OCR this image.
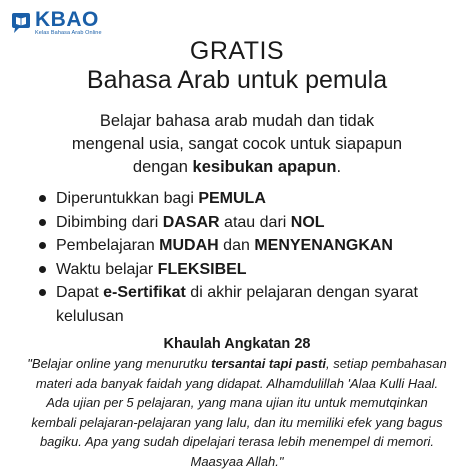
KBAO
Kelas Bahasa Arab Online
GRATIS
Bahasa Arab untuk pemula
Belajar bahasa arab mudah dan tidak
mengenal usia, sangat cocok untuk siapapun
dengan kesibukan apapun.
Diperuntukkan bagi PEMULA
Dibimbing dari DASAR atau dari NOL
Pembelajaran MUDAH dan MENYENANGKAN
Waktu belajar FLEKSIBEL
Dapat e-Sertifikat di akhir pelajaran dengan syarat kelulusan
Khaulah Angkatan 28
"Belajar online yang menurutku tersantai tapi pasti, setiap pembahasan materi ada banyak faidah yang didapat. Alhamdulillah 'Alaa Kulli Haal. Ada ujian per 5 pelajaran, yang mana ujian itu untuk memutqinkan kembali pelajaran-pelajaran yang lalu, dan itu memiliki efek yang bagus bagiku. Apa yang sudah dipelajari terasa lebih menempel di memori. Maasyaa Allah."
